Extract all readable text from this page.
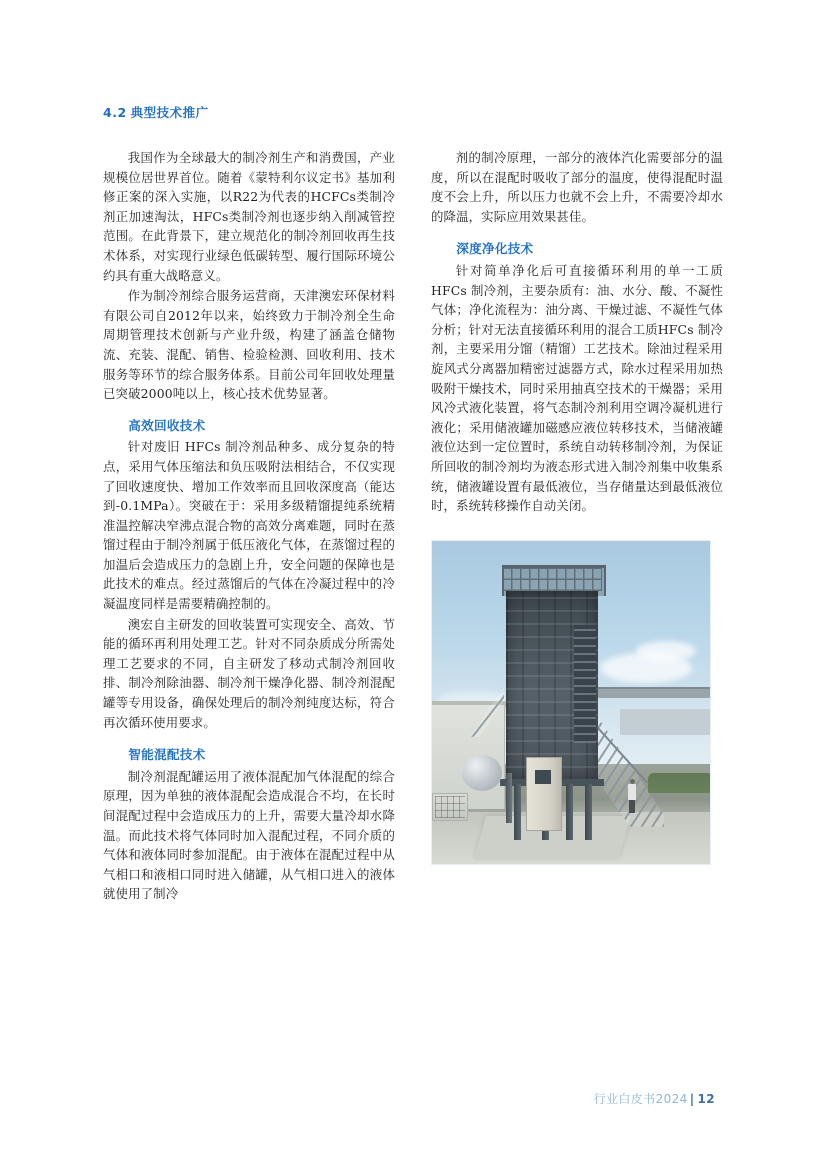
4.2 典型技术推广

我国作为全球最大的制冷剂生产和消费国，产业规模位居世界首位。随着《蒙特利尔议定书》基加利修正案的深入实施，以R22为代表的HCFCs类制冷剂正加速淘汰，HFCs类制冷剂也逐步纳入削减管控范围。在此背景下，建立规范化的制冷剂回收再生技术体系，对实现行业绿色低碳转型、履行国际环境公约具有重大战略意义。

作为制冷剂综合服务运营商，天津澳宏环保材料有限公司自2012年以来，始终致力于制冷剂全生命周期管理技术创新与产业升级，构建了涵盖仓储物流、充装、混配、销售、检验检测、回收利用、技术服务等环节的综合服务体系。目前公司年回收处理量已突破2000吨以上，核心技术优势显著。

高效回收技术

针对废旧 HFCs 制冷剂品种多、成分复杂的特点，采用气体压缩法和负压吸附法相结合，不仅实现了回收速度快、增加工作效率而且回收深度高（能达到-0.1MPa）。突破在于：采用多级精馏提纯系统精准温控解决窄沸点混合物的高效分离难题，同时在蒸馏过程由于制冷剂属于低压液化气体，在蒸馏过程的加温后会造成压力的急剧上升，安全问题的保障也是此技术的难点。经过蒸馏后的气体在冷凝过程中的冷凝温度同样是需要精确控制的。

澳宏自主研发的回收装置可实现安全、高效、节能的循环再利用处理工艺。针对不同杂质成分所需处理工艺要求的不同，自主研发了移动式制冷剂回收排、制冷剂除油器、制冷剂干燥净化器、制冷剂混配罐等专用设备，确保处理后的制冷剂纯度达标，符合再次循环使用要求。

智能混配技术

制冷剂混配罐运用了液体混配加气体混配的综合原理，因为单独的液体混配会造成混合不均，在长时间混配过程中会造成压力的上升，需要大量冷却水降温。而此技术将气体同时加入混配过程，不同介质的气体和液体同时参加混配。由于液体在混配过程中从气相口和液相口同时进入储罐，从气相口进入的液体就使用了制冷

剂的制冷原理，一部分的液体汽化需要部分的温度，所以在混配时吸收了部分的温度，使得混配时温度不会上升，所以压力也就不会上升，不需要冷却水的降温，实际应用效果甚佳。

深度净化技术

针对简单净化后可直接循环利用的单一工质HFCs 制冷剂，主要杂质有：油、水分、酸、不凝性气体；净化流程为：油分离、干燥过滤、不凝性气体分析；针对无法直接循环利用的混合工质HFCs 制冷剂，主要采用分馏（精馏）工艺技术。除油过程采用旋风式分离器加精密过滤器方式，除水过程采用加热吸附干燥技术，同时采用抽真空技术的干燥器；采用风冷式液化装置，将气态制冷剂利用空调冷凝机进行液化；采用储液罐加磁感应液位转移技术，当储液罐液位达到一定位置时，系统自动转移制冷剂，为保证所回收的制冷剂均为液态形式进入制冷剂集中收集系统，储液罐设置有最低液位，当存储量达到最低液位时，系统转移操作自动关闭。

行业白皮书2024 | 12
